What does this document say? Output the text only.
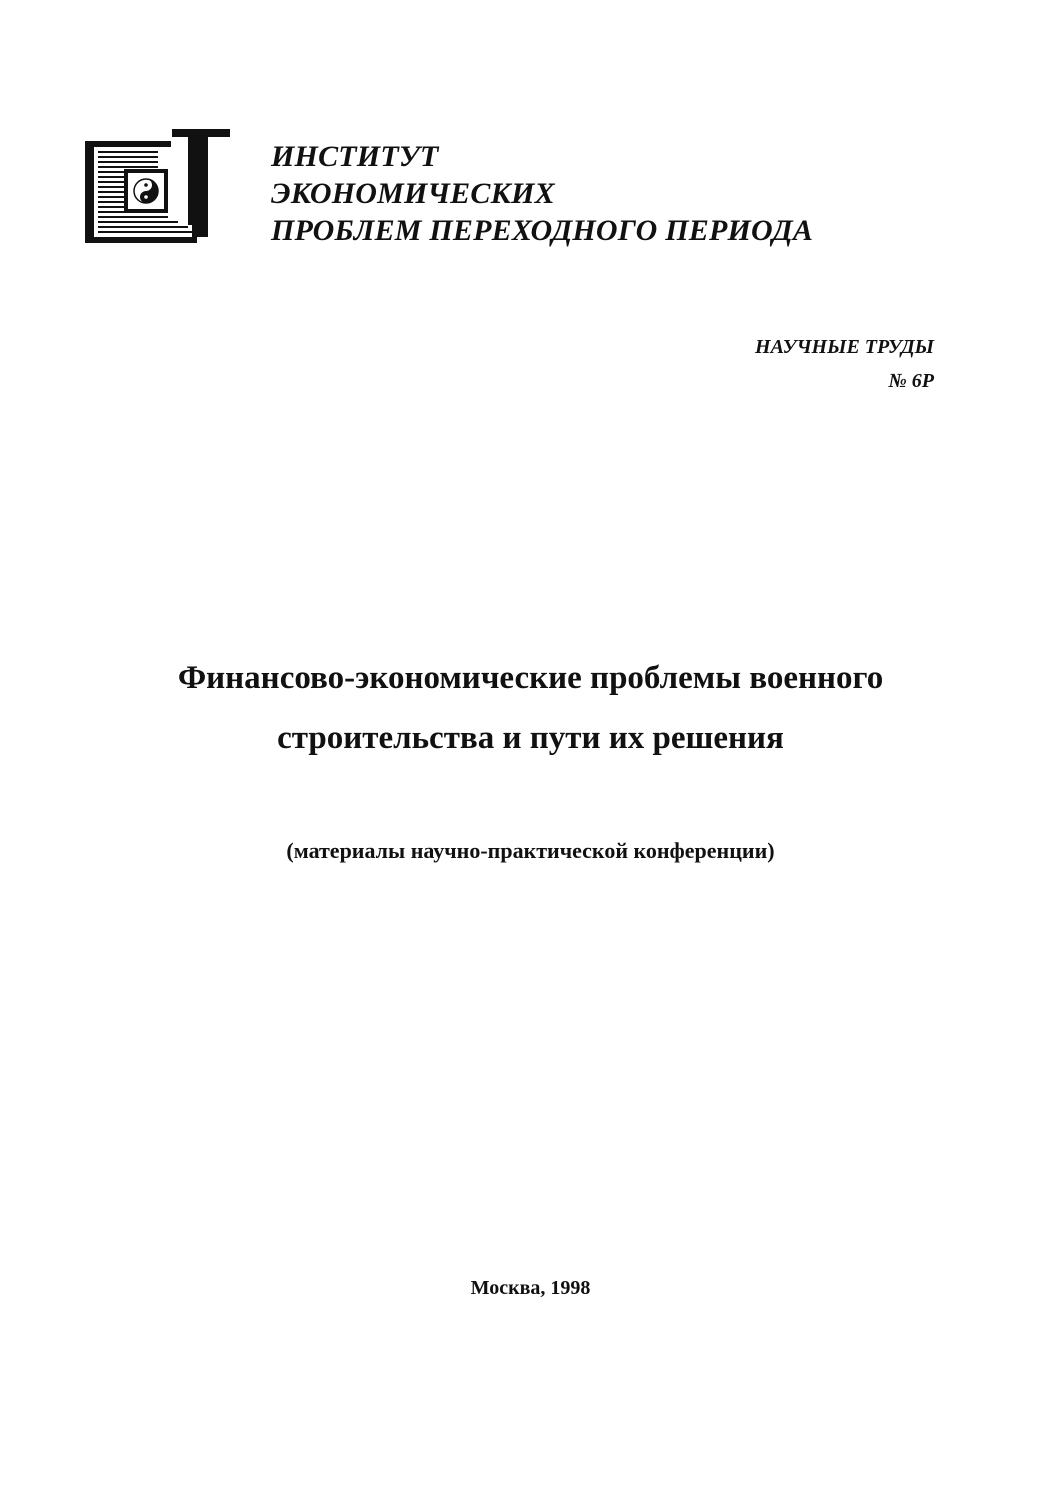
ИНСТИТУТ
ЭКОНОМИЧЕСКИХ
ПРОБЛЕМ ПЕРЕХОДНОГО ПЕРИОДА
НАУЧНЫЕ ТРУДЫ
№ 6Р
Финансово-экономические проблемы военного
строительства и пути их решения
(материалы научно-практической конференции)
Москва, 1998
